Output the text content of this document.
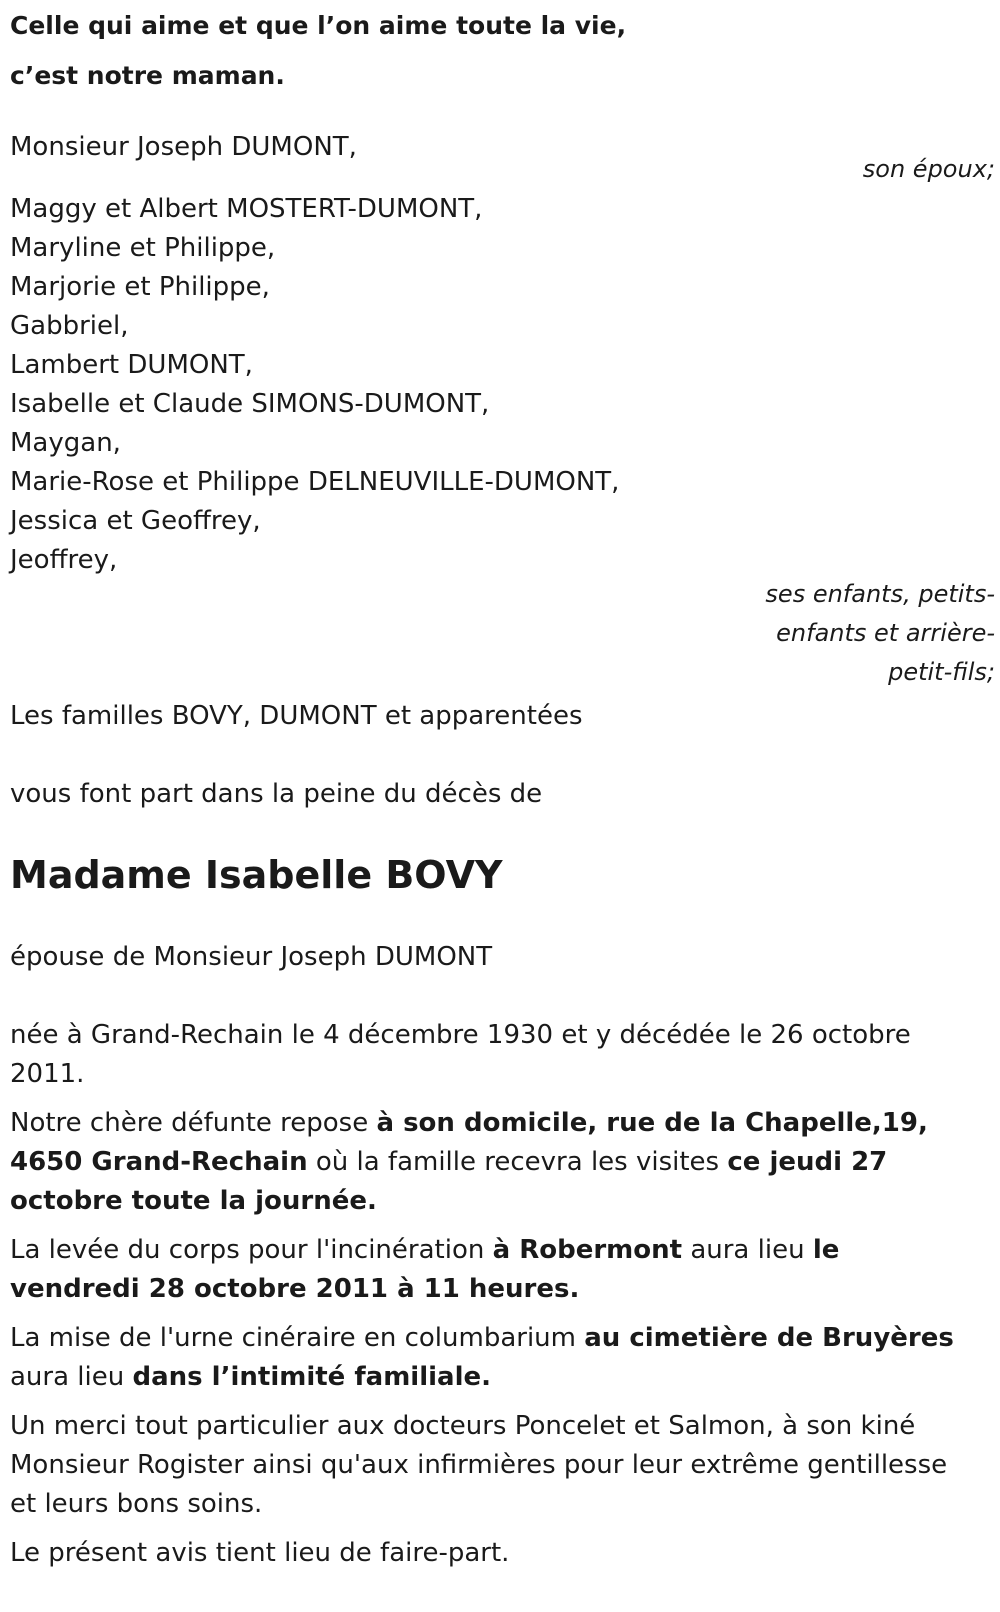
Celle qui aime et que l’on aime toute la vie,
c’est notre maman.
Monsieur Joseph DUMONT,
son époux;
Maggy et Albert MOSTERT-DUMONT,
Maryline et Philippe,
Marjorie et Philippe,
Gabbriel,
Lambert DUMONT,
Isabelle et Claude SIMONS-DUMONT,
Maygan,
Marie-Rose et Philippe DELNEUVILLE-DUMONT,
Jessica et Geoffrey,
Jeoffrey,
ses enfants, petits-enfants et arrière-petit-fils;
Les familles BOVY, DUMONT et apparentées
vous font part dans la peine du décès de
Madame Isabelle BOVY
épouse de Monsieur Joseph DUMONT

née à Grand-Rechain le 4 décembre 1930 et y décédée le 26 octobre 2011.

Notre chère défunte repose à son domicile, rue de la Chapelle,19, 4650 Grand-Rechain où la famille recevra les visites ce jeudi 27 octobre toute la journée.

La levée du corps pour l'incinération à Robermont aura lieu le vendredi 28 octobre 2011 à 11 heures.

La mise de l'urne cinéraire en columbarium au cimetière de Bruyères aura lieu dans l’intimité familiale.

Un merci tout particulier aux docteurs Poncelet et Salmon, à son kiné Monsieur Rogister ainsi qu'aux infirmières pour leur extrême gentillesse et leurs bons soins.

Le présent avis tient lieu de faire-part.
